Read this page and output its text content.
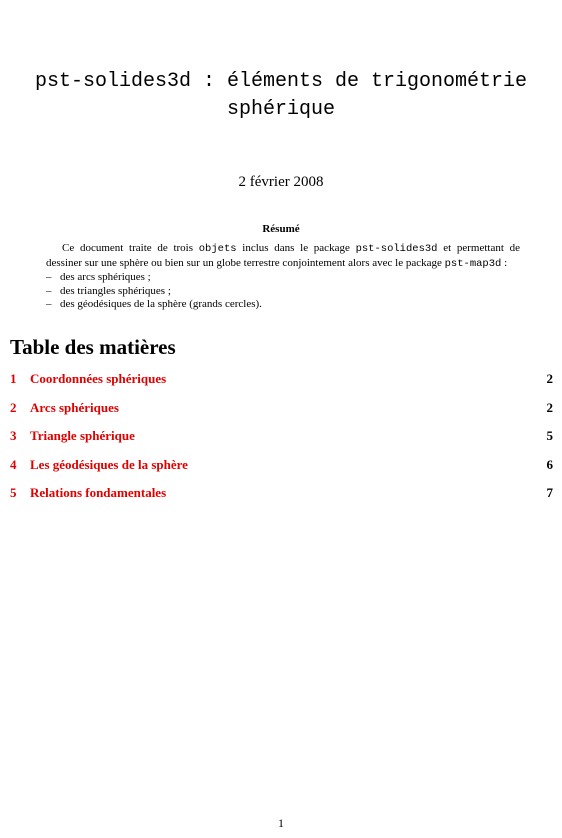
pst-solides3d : éléments de trigonométrie
sphérique
2 février 2008
Résumé

Ce document traite de trois objets inclus dans le package pst-solides3d et permettant de dessiner sur une sphère ou bien sur un globe terrestre conjointement alors avec le package pst-map3d :

– des arcs sphériques ;
– des triangles sphériques ;
– des géodésiques de la sphère (grands cercles).
Table des matières
1	Coordonnées sphériques	2
2	Arcs sphériques	2
3	Triangle sphérique	5
4	Les géodésiques de la sphère	6
5	Relations fondamentales	7
1
